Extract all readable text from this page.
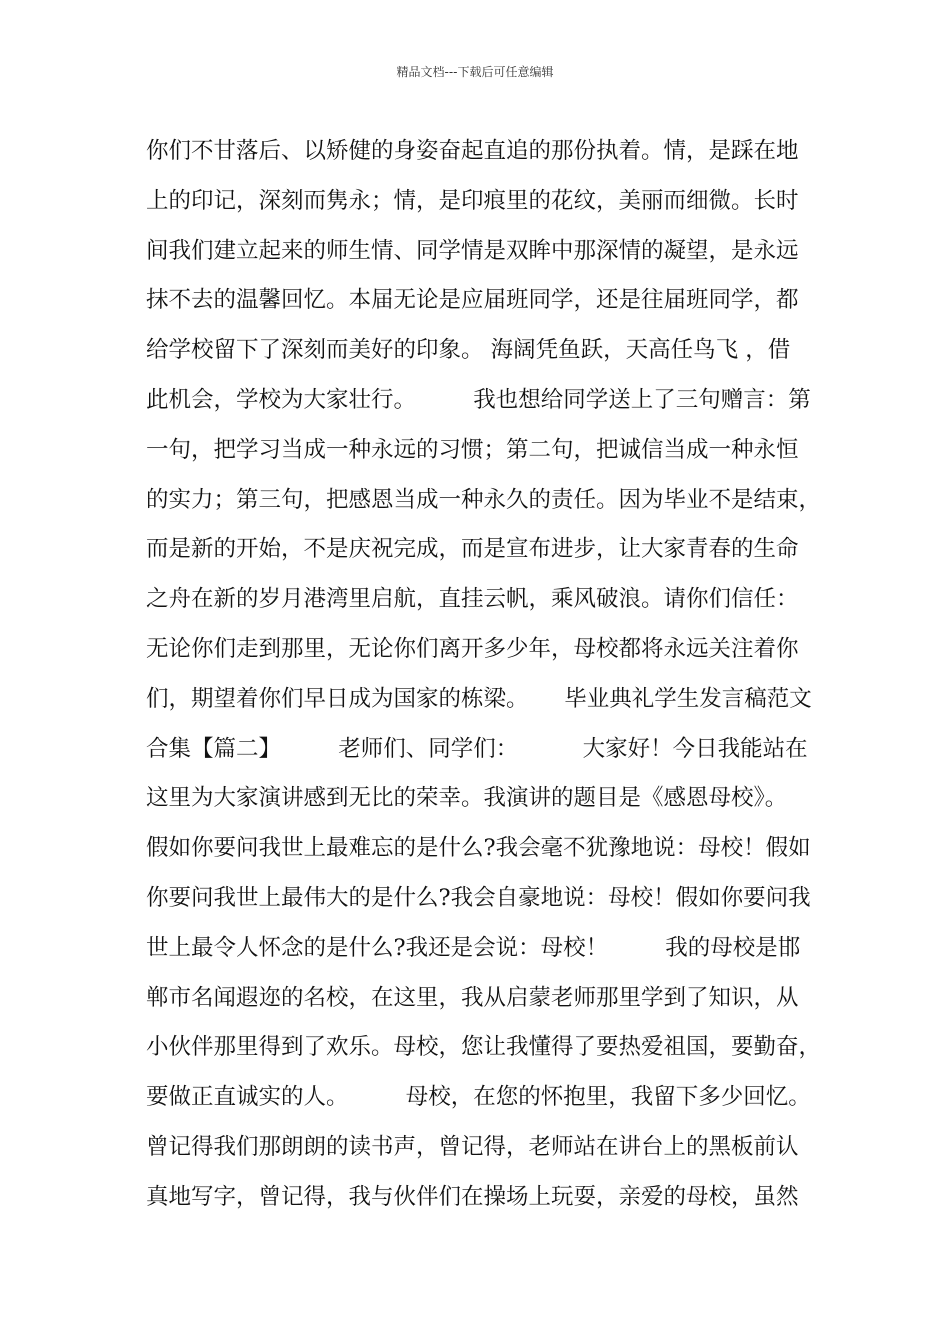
精品文档---下载后可任意编辑
你们不甘落后、以矫健的身姿奋起直追的那份执着。情，是踩在地
上的印记，深刻而隽永；情，是印痕里的花纹，美丽而细微。长时
间我们建立起来的师生情、同学情是双眸中那深情的凝望，是永远
抹不去的温馨回忆。本届无论是应届班同学，还是往届班同学，都
给学校留下了深刻而美好的印象。 海阔凭鱼跃，天高任鸟飞 ，借
此机会，学校为大家壮行。        我也想给同学送上了三句赠言：第
一句，把学习当成一种永远的习惯；第二句，把诚信当成一种永恒
的实力；第三句，把感恩当成一种永久的责任。因为毕业不是结束，
而是新的开始，不是庆祝完成，而是宣布进步，让大家青春的生命
之舟在新的岁月港湾里启航，直挂云帆，乘风破浪。请你们信任：
无论你们走到那里，无论你们离开多少年，母校都将永远关注着你
们，期望着你们早日成为国家的栋梁。     毕业典礼学生发言稿范文
合集【篇二】        老师们、同学们：         大家好！今日我能站在
这里为大家演讲感到无比的荣幸。我演讲的题目是《感恩母校》。
假如你要问我世上最难忘的是什么?我会毫不犹豫地说：母校！假如
你要问我世上最伟大的是什么?我会自豪地说：母校！假如你要问我
世上最令人怀念的是什么?我还是会说：母校！        我的母校是邯
郸市名闻遐迩的名校，在这里，我从启蒙老师那里学到了知识，从
小伙伴那里得到了欢乐。母校，您让我懂得了要热爱祖国，要勤奋，
要做正直诚实的人。        母校，在您的怀抱里，我留下多少回忆。
曾记得我们那朗朗的读书声，曾记得，老师站在讲台上的黑板前认
真地写字，曾记得，我与伙伴们在操场上玩耍，亲爱的母校，虽然
